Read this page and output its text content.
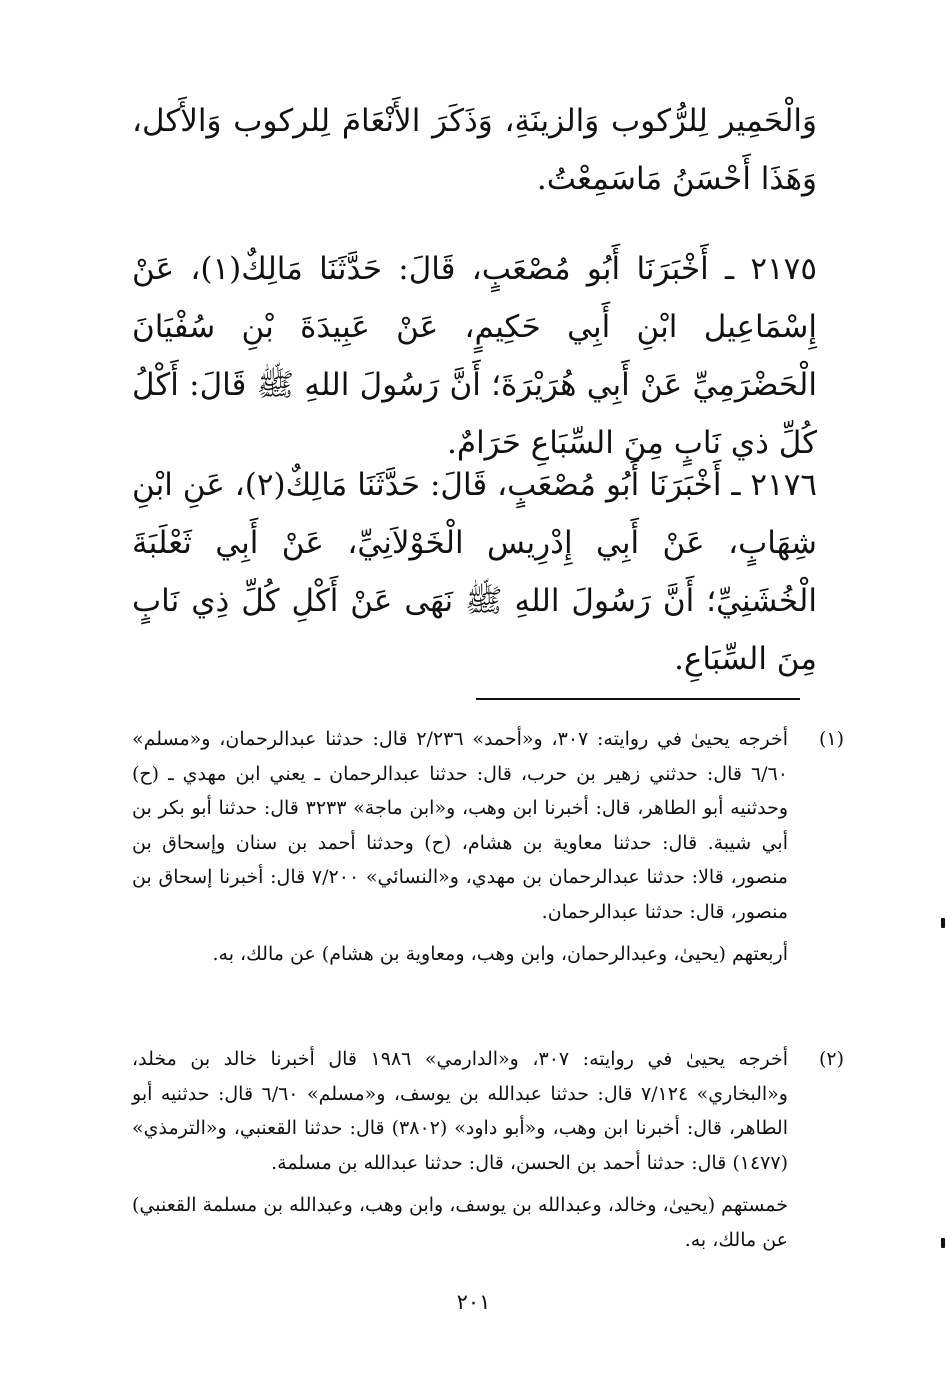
وَالْحَمِير لِلرُّكوب وَالزينَةِ، وَذَكَرَ الأَنْعَامَ لِلركوب وَالأَكل، وَهَذَا أَحْسَنُ مَاسَمِعْتُ.
٢١٧٥ ـ أَخْبَرَنَا أَبُو مُصْعَبٍ، قَالَ: حَدَّثَنَا مَالِكٌ(١)، عَنْ إِسْمَاعِيل ابْنِ أَبِي حَكِيمٍ، عَنْ عَبِيدَةَ بْنِ سُفْيَانَ الْحَضْرَمِيِّ عَنْ أَبِي هُرَيْرَةَ؛ أَنَّ رَسُولَ اللهِ ﷺ قَالَ: أَكْلُ كُلِّ ذي نَابٍ مِنَ السِّبَاعِ حَرَامٌ.
٢١٧٦ ـ أَخْبَرَنَا أَبُو مُصْعَبٍ، قَالَ: حَدَّثَنَا مَالِكٌ(٢)، عَنِ ابْنِ شِهَابٍ، عَنْ أَبِي إِدْرِيس الْخَوْلاَنِيِّ، عَنْ أَبِي ثَعْلَبَةَ الْخُشَنِيِّ؛ أَنَّ رَسُولَ اللهِ ﷺ نَهَى عَنْ أَكْلِ كُلِّ ذِي نَابٍ مِنَ السِّبَاعِ.
(١)
أخرجه يحيىٰ في روايته: ٣٠٧، و«أحمد» ٢/٢٣٦ قال: حدثنا عبدالرحمان، و«مسلم» ٦/٦٠ قال: حدثني زهير بن حرب، قال: حدثنا عبدالرحمان ـ يعني ابن مهدي ـ (ح) وحدثنيه أبو الطاهر، قال: أخبرنا ابن وهب، و«ابن ماجة» ٣٢٣٣ قال: حدثنا أبو بكر بن أبي شيبة. قال: حدثنا معاوية بن هشام، (ح) وحدثنا أحمد بن سنان وإسحاق بن منصور، قالا: حدثنا عبدالرحمان بن مهدي، و«النسائي» ٧/٢٠٠ قال: أخبرنا إسحاق بن منصور، قال: حدثنا عبدالرحمان.
أربعتهم (يحيىٰ، وعبدالرحمان، وابن وهب، ومعاوية بن هشام) عن مالك، به.
(٢)
أخرجه يحيىٰ في روايته: ٣٠٧، و«الدارمي» ١٩٨٦ قال أخبرنا خالد بن مخلد، و«البخاري» ٧/١٢٤ قال: حدثنا عبدالله بن يوسف، و«مسلم» ٦/٦٠ قال: حدثنيه أبو الطاهر، قال: أخبرنا ابن وهب، و«أبو داود» (٣٨٠٢) قال: حدثنا القعنبي، و«الترمذي» (١٤٧٧) قال: حدثنا أحمد بن الحسن، قال: حدثنا عبدالله بن مسلمة.
خمستهم (يحيىٰ، وخالد، وعبدالله بن يوسف، وابن وهب، وعبدالله بن مسلمة القعنبي) عن مالك، به.
٢٠١
